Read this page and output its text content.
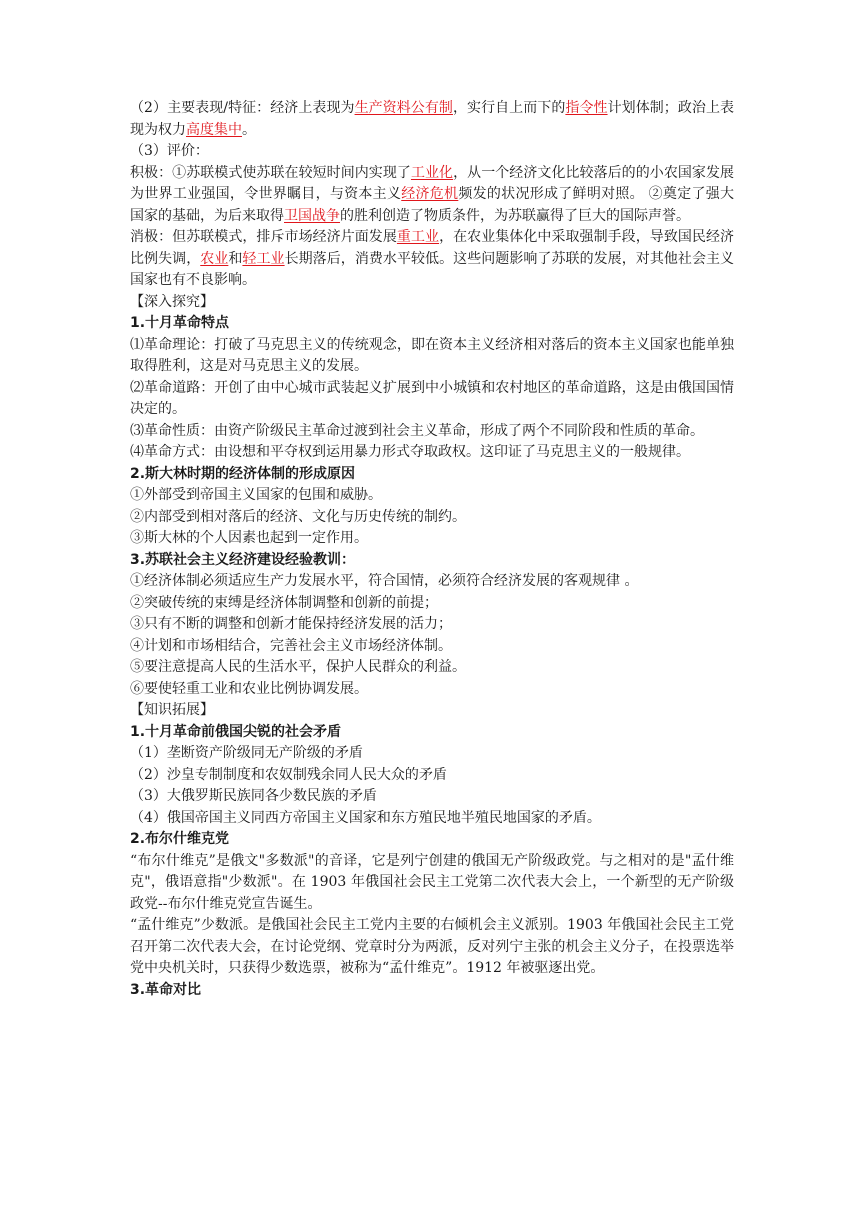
（2）主要表现/特征：经济上表现为生产资料公有制，实行自上而下的指令性计划体制；政治上表现为权力高度集中。

（3）评价：

积极：①苏联模式使苏联在较短时间内实现了工业化，从一个经济文化比较落后的的小农国家发展为世界工业强国，令世界瞩目，与资本主义经济危机频发的状况形成了鲜明对照。 ②奠定了强大国家的基础，为后来取得卫国战争的胜利创造了物质条件，为苏联赢得了巨大的国际声誉。

消极：但苏联模式，排斥市场经济片面发展重工业，在农业集体化中采取强制手段，导致国民经济比例失调，农业和轻工业长期落后，消费水平较低。这些问题影响了苏联的发展，对其他社会主义国家也有不良影响。

【深入探究】

1.十月革命特点

⑴革命理论：打破了马克思主义的传统观念，即在资本主义经济相对落后的资本主义国家也能单独取得胜利，这是对马克思主义的发展。

⑵革命道路：开创了由中心城市武装起义扩展到中小城镇和农村地区的革命道路，这是由俄国国情决定的。

⑶革命性质：由资产阶级民主革命过渡到社会主义革命，形成了两个不同阶段和性质的革命。

⑷革命方式：由设想和平夺权到运用暴力形式夺取政权。这印证了马克思主义的一般规律。

2.斯大林时期的经济体制的形成原因

①外部受到帝国主义国家的包围和威胁。

②内部受到相对落后的经济、文化与历史传统的制约。

③斯大林的个人因素也起到一定作用。

3.苏联社会主义经济建设经验教训：

①经济体制必须适应生产力发展水平，符合国情，必须符合经济发展的客观规律 。

②突破传统的束缚是经济体制调整和创新的前提；

③只有不断的调整和创新才能保持经济发展的活力；

④计划和市场相结合，完善社会主义市场经济体制。

⑤要注意提高人民的生活水平，保护人民群众的利益。

⑥要使轻重工业和农业比例协调发展。

【知识拓展】

1.十月革命前俄国尖锐的社会矛盾

（1）垄断资产阶级同无产阶级的矛盾

（2）沙皇专制制度和农奴制残余同人民大众的矛盾

（3）大俄罗斯民族同各少数民族的矛盾

（4）俄国帝国主义同西方帝国主义国家和东方殖民地半殖民地国家的矛盾。

2.布尔什维克党

“布尔什维克”是俄文"多数派"的音译，它是列宁创建的俄国无产阶级政党。与之相对的是"孟什维克"，俄语意指"少数派"。在 1903 年俄国社会民主工党第二次代表大会上，一个新型的无产阶级政党--布尔什维克党宣告诞生。

“孟什维克”少数派。是俄国社会民主工党内主要的右倾机会主义派别。1903 年俄国社会民主工党召开第二次代表大会，在讨论党纲、党章时分为两派，反对列宁主张的机会主义分子，在投票选举党中央机关时，只获得少数选票，被称为“孟什维克”。1912 年被驱逐出党。

3.革命对比
